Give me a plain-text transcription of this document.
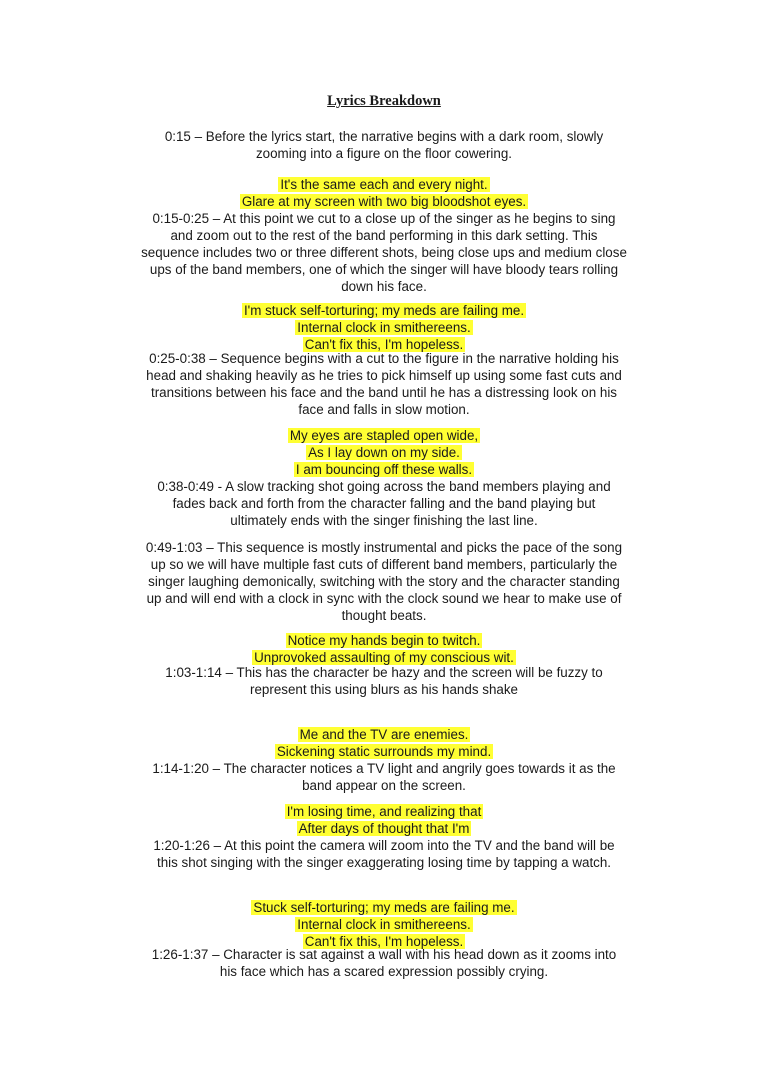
Lyrics Breakdown
0:15 – Before the lyrics start, the narrative begins with a dark room, slowly
zooming into a figure on the floor cowering.
It's the same each and every night.
Glare at my screen with two big bloodshot eyes.
0:15-0:25 – At this point we cut to a close up of the singer as he begins to sing
and zoom out to the rest of the band performing in this dark setting. This
sequence includes two or three different shots, being close ups and medium close
ups of the band members, one of which the singer will have bloody tears rolling
down his face.
I'm stuck self-torturing; my meds are failing me.
Internal clock in smithereens.
Can't fix this, I'm hopeless.
0:25-0:38 – Sequence begins with a cut to the figure in the narrative holding his
head and shaking heavily as he tries to pick himself up using some fast cuts and
transitions between his face and the band until he has a distressing look on his
face and falls in slow motion.
My eyes are stapled open wide,
As I lay down on my side.
I am bouncing off these walls.
0:38-0:49 - A slow tracking shot going across the band members playing and
fades back and forth from the character falling and the band playing but
ultimately ends with the singer finishing the last line.
0:49-1:03 – This sequence is mostly instrumental and picks the pace of the song
up so we will have multiple fast cuts of different band members, particularly the
singer laughing demonically, switching with the story and the character standing
up and will end with a clock in sync with the clock sound we hear to make use of
thought beats.
Notice my hands begin to twitch.
Unprovoked assaulting of my conscious wit.
1:03-1:14 – This has the character be hazy and the screen will be fuzzy to
represent this using blurs as his hands shake
Me and the TV are enemies.
Sickening static surrounds my mind.
1:14-1:20 – The character notices a TV light and angrily goes towards it as the
band appear on the screen.
I'm losing time, and realizing that
After days of thought that I'm
1:20-1:26 – At this point the camera will zoom into the TV and the band will be
this shot singing with the singer exaggerating losing time by tapping a watch.
Stuck self-torturing; my meds are failing me.
Internal clock in smithereens.
Can't fix this, I'm hopeless.
1:26-1:37 – Character is sat against a wall with his head down as it zooms into
his face which has a scared expression possibly crying.
